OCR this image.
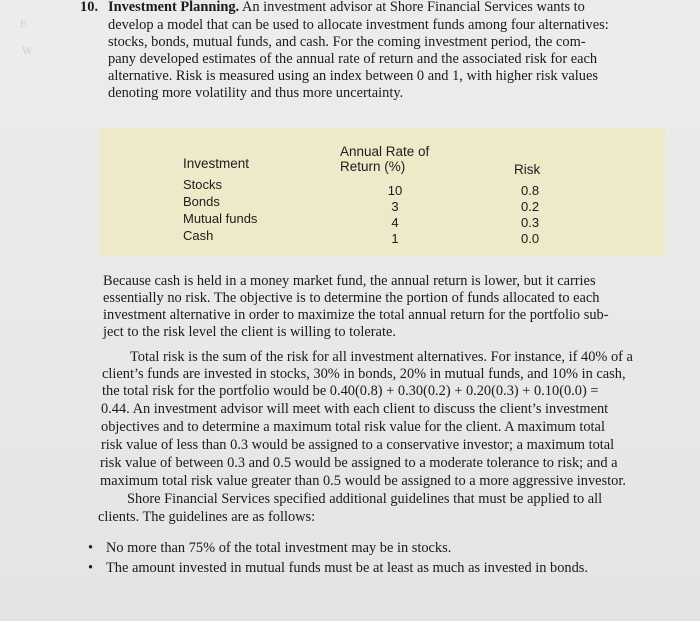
E
W
10. Investment Planning. An investment advisor at Shore Financial Services wants to
develop a model that can be used to allocate investment funds among four alternatives:
stocks, bonds, mutual funds, and cash. For the coming investment period, the com-
pany developed estimates of the annual rate of return and the associated risk for each
alternative. Risk is measured using an index between 0 and 1, with higher risk values
denoting more volatility and thus more uncertainty.
Investment
Annual Rate of
Return (%)	Risk
Stocks
Bonds
Mutual funds
Cash
10
3
4
1
0.8
0.2
0.3
0.0
Because cash is held in a money market fund, the annual return is lower, but it carries
essentially no risk. The objective is to determine the portion of funds allocated to each
investment alternative in order to maximize the total annual return for the portfolio sub-
ject to the risk level the client is willing to tolerate.
Total risk is the sum of the risk for all investment alternatives. For instance, if 40% of a
client’s funds are invested in stocks, 30% in bonds, 20% in mutual funds, and 10% in cash,
the total risk for the portfolio would be 0.40(0.8) + 0.30(0.2) + 0.20(0.3) + 0.10(0.0) =
0.44. An investment advisor will meet with each client to discuss the client’s investment
objectives and to determine a maximum total risk value for the client. A maximum total
risk value of less than 0.3 would be assigned to a conservative investor; a maximum total
risk value of between 0.3 and 0.5 would be assigned to a moderate tolerance to risk; and a
maximum total risk value greater than 0.5 would be assigned to a more aggressive investor.
Shore Financial Services specified additional guidelines that must be applied to all
clients. The guidelines are as follows:
• No more than 75% of the total investment may be in stocks.
• The amount invested in mutual funds must be at least as much as invested in bonds.
